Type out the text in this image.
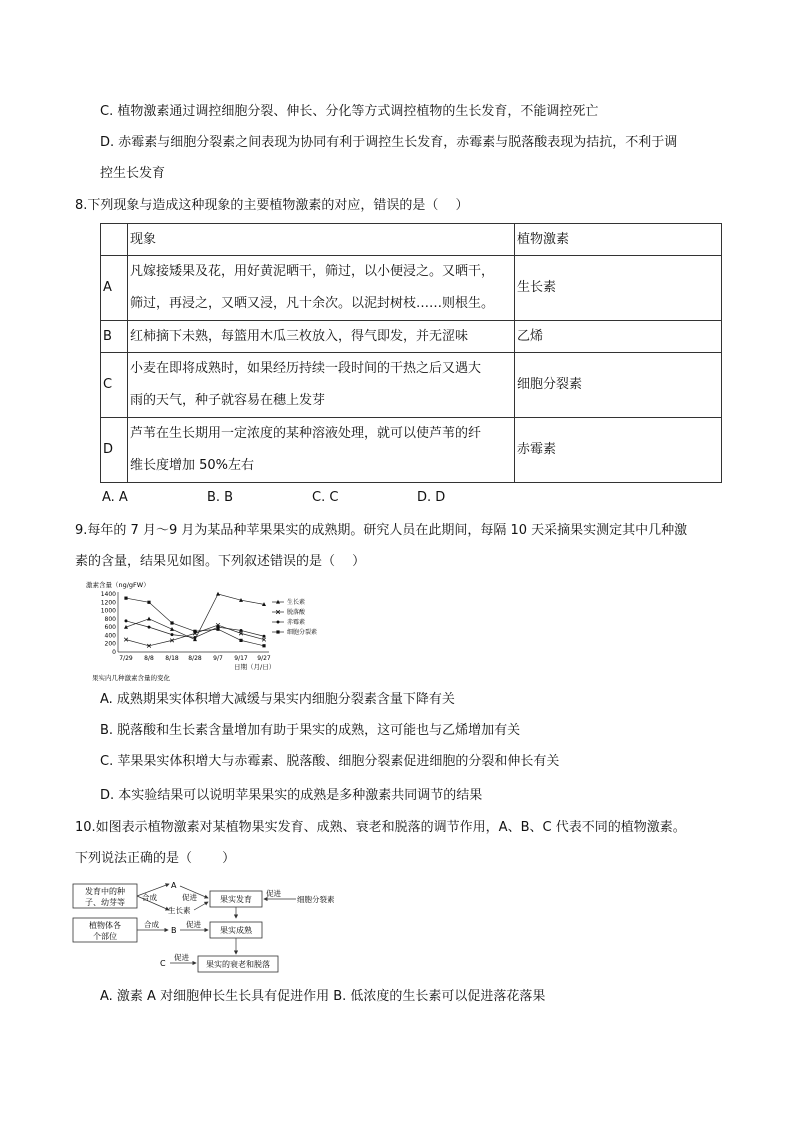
C. 植物激素通过调控细胞分裂、伸长、分化等方式调控植物的生长发育，不能调控死亡
D. 赤霉素与细胞分裂素之间表现为协同有利于调控生长发育，赤霉素与脱落酸表现为拮抗，不利于调
控生长发育
8.下列现象与造成这种现象的主要植物激素的对应，错误的是（　 ）
	现象	植物激素
A	凡嫁接矮果及花，用好黄泥晒干，筛过，以小便浸之。又晒干，
筛过，再浸之，又晒又浸，凡十余次。以泥封树枝……则根生。	生长素
B	红柿摘下未熟，每篮用木瓜三枚放入，得气即发，并无涩味	乙烯
C	小麦在即将成熟时，如果经历持续一段时间的干热之后又遇大
雨的天气，种子就容易在穗上发芽	细胞分裂素
D	芦苇在生长期用一定浓度的某种溶液处理，就可以使芦苇的纤
维长度增加 50%左右	赤霉素
A. A	B. B	C. C	D. D
9.每年的 7 月～9 月为某品种苹果果实的成熟期。研究人员在此期间，每隔 10 天采摘果实测定其中几种激
素的含量，结果见如图。下列叙述错误的是（　 ）
激素含量（ng/gFW）
1400
1200
1000
800
600
400
200
0
7/29 8/8 8/18 8/28 9/7 9/17 9/27
生长素
脱落酸
赤霉素
细胞分裂素
日期（月/日）
果实内几种激素含量的变化
A. 成熟期果实体积增大减缓与果实内细胞分裂素含量下降有关
B. 脱落酸和生长素含量增加有助于果实的成熟，这可能也与乙烯增加有关
C. 苹果果实体积增大与赤霉素、脱落酸、细胞分裂素促进细胞的分裂和伸长有关
D. 本实验结果可以说明苹果果实的成熟是多种激素共同调节的结果
10.如图表示植物激素对某植物果实发育、成熟、衰老和脱落的调节作用，A、B、C 代表不同的植物激素。
下列说法正确的是（　　 ）
发育中的种
子、幼芽等
合成
A
生长素
促进	果实发育
促进
细胞分裂素
植物体各
个部位
合成
B
促进
果实成熟
C
促进
果实的衰老和脱落
A. 激素 A 对细胞伸长生长具有促进作用 B. 低浓度的生长素可以促进落花落果
